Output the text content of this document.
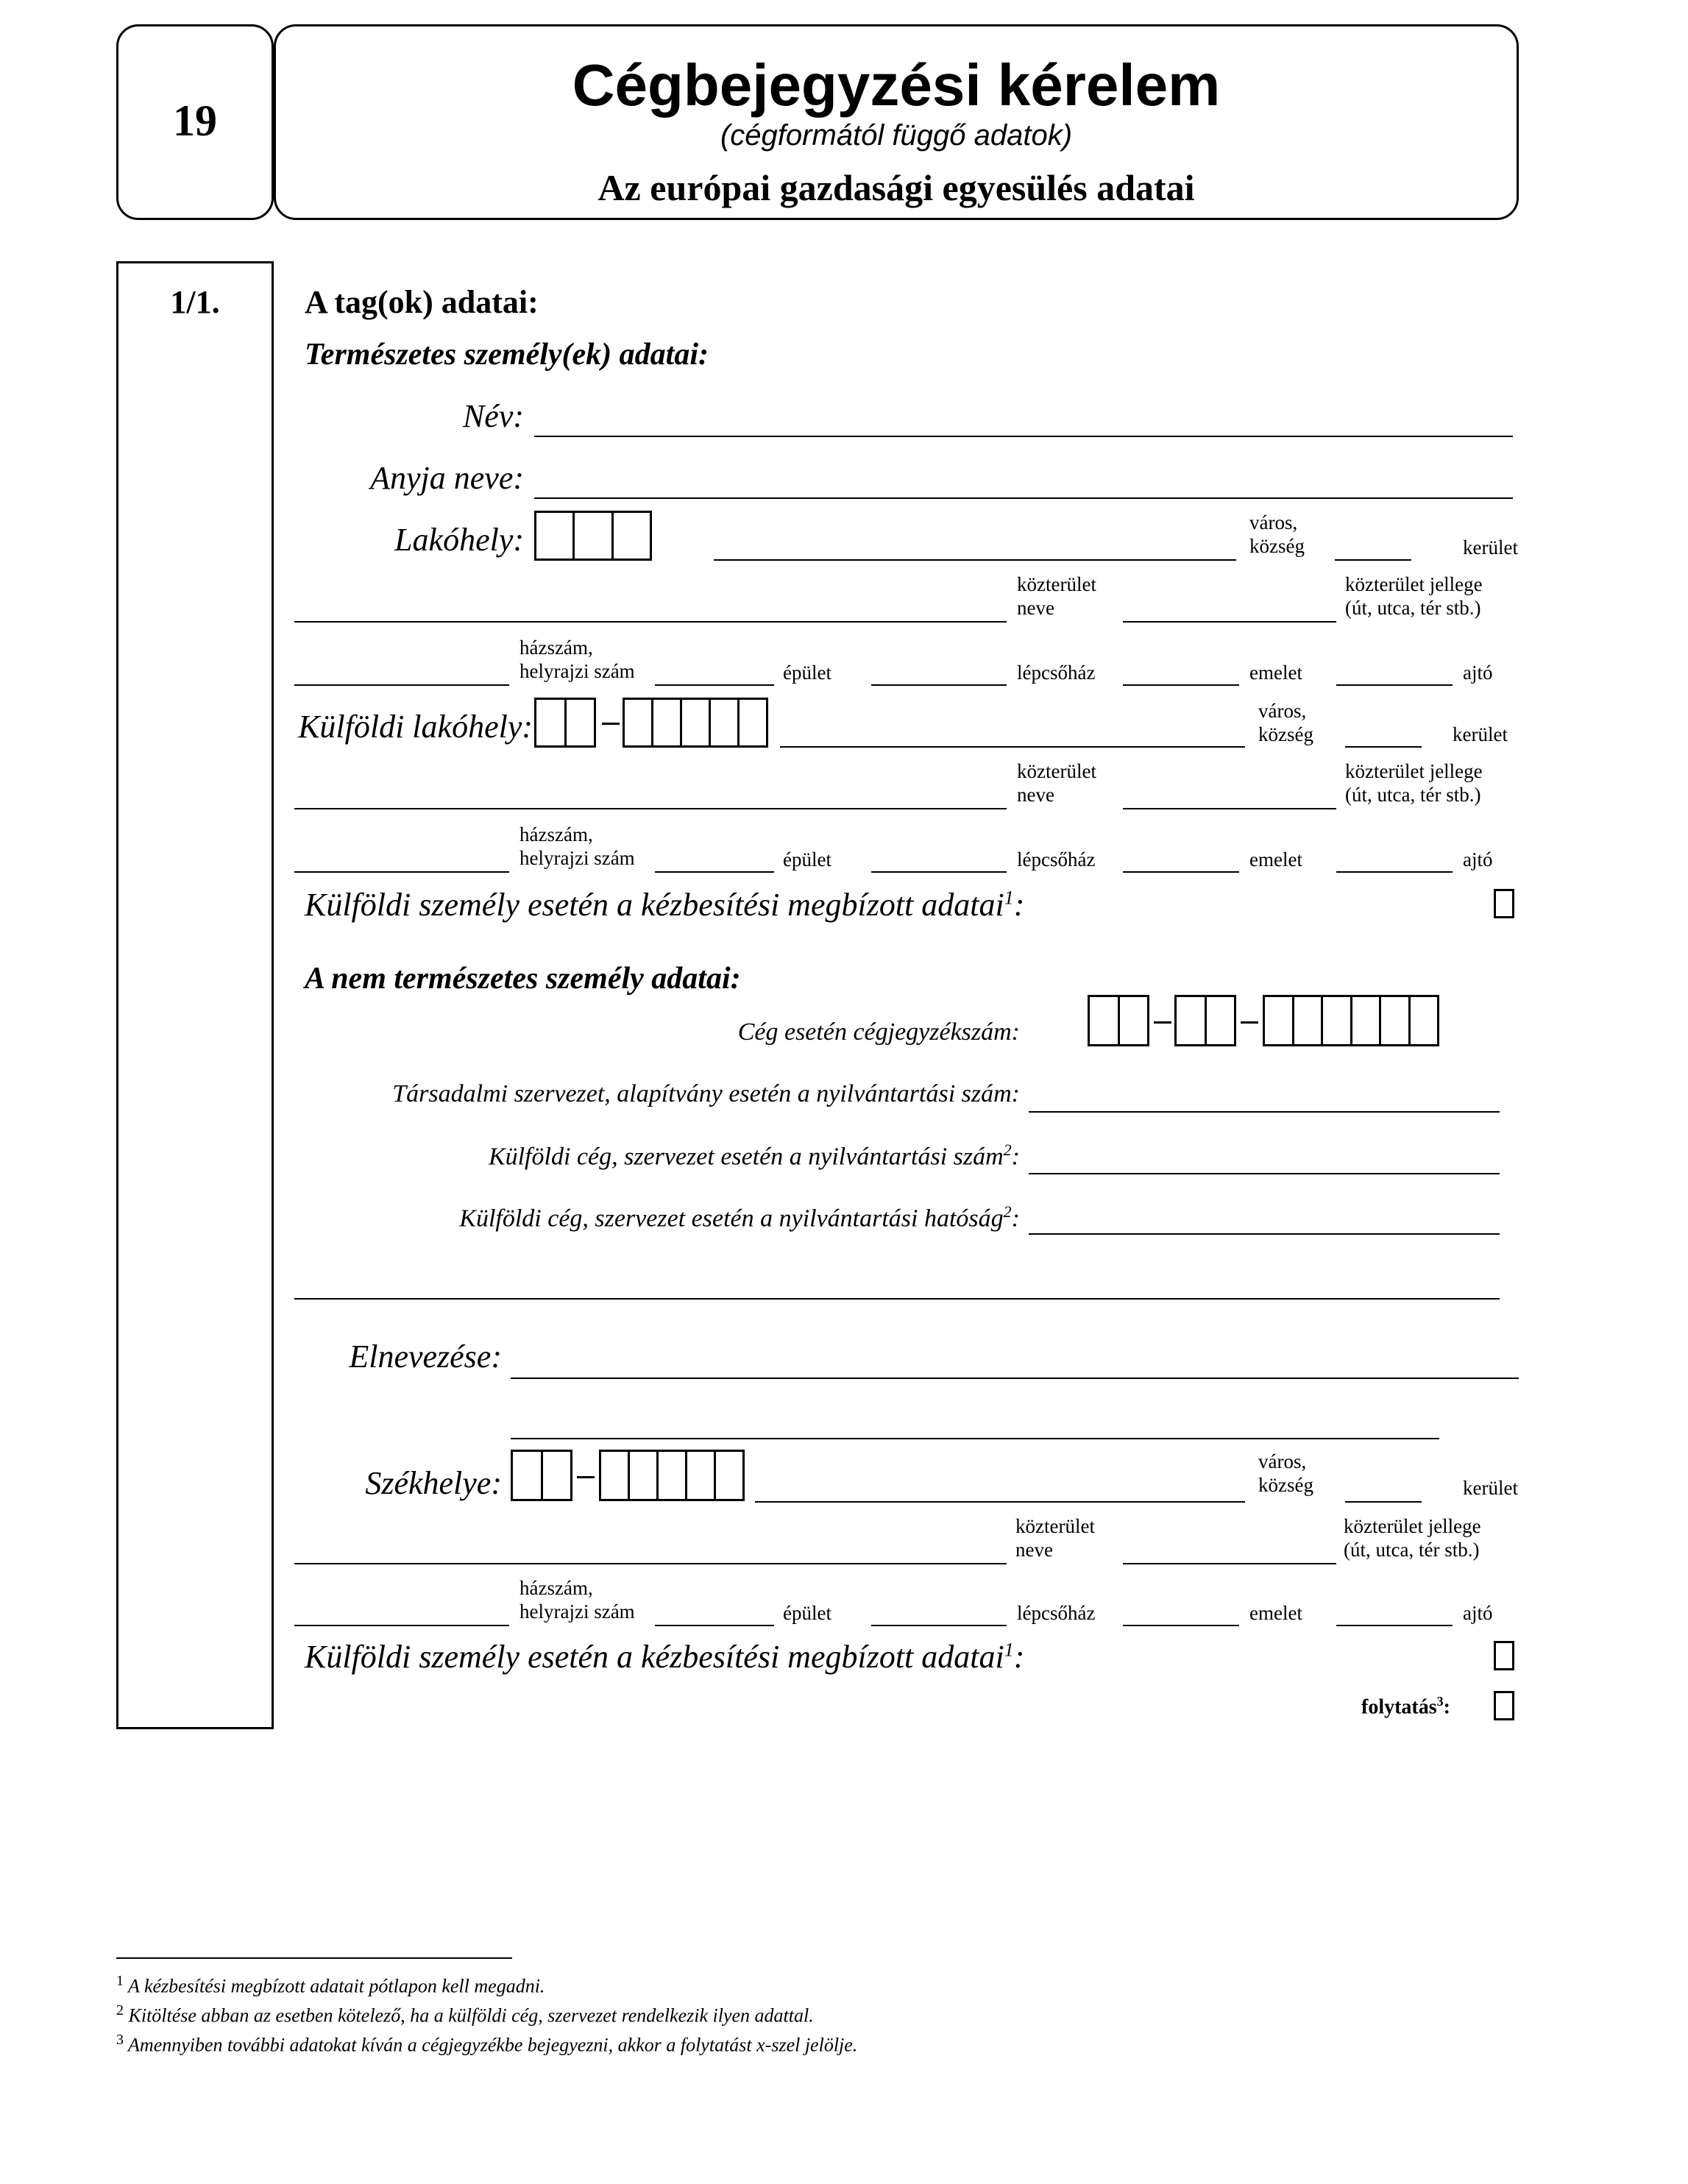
19
Cégbejegyzési kérelem
(cégformától függő adatok)
Az európai gazdasági egyesülés adatai
1/1.	A tag(ok) adatai:
Természetes személy(ek) adatai:
Név:
Anyja neve:
Lakóhely:	város,
község	kerület
közterület
neve
közterület jellege
(út, utca, tér stb.)
házszám,
helyrajzi szám	épület	lépcsőház	emelet	ajtó
Külföldi lakóhely:	város,
község	kerület
közterület
neve
közterület jellege
(út, utca, tér stb.)
házszám,
helyrajzi szám	épület	lépcsőház	emelet	ajtó
Külföldi személy esetén a kézbesítési megbízott adatai$^1$:
A nem természetes személy adatai:
Cég esetén cégjegyzékszám:
Társadalmi szervezet, alapítvány esetén a nyilvántartási szám:
Külföldi cég, szervezet esetén a nyilvántartási szám$^2$:
Külföldi cég, szervezet esetén a nyilvántartási hatóság$^2$:
Elnevezése:
Székhelye:
város,
község	kerület
közterület
neve
közterület jellege
(út, utca, tér stb.)
házszám,
helyrajzi szám	épület	lépcsőház	emelet	ajtó
Külföldi személy esetén a kézbesítési megbízott adatai$^1$:
folytatás$^3$:
$^1$ A kézbesítési megbízott adatait pótlapon kell megadni.
$^2$ Kitöltése abban az esetben kötelező, ha a külföldi cég, szervezet rendelkezik ilyen adattal.
$^3$ Amennyiben további adatokat kíván a cégjegyzékbe bejegyezni, akkor a folytatást x-szel jelölje.
